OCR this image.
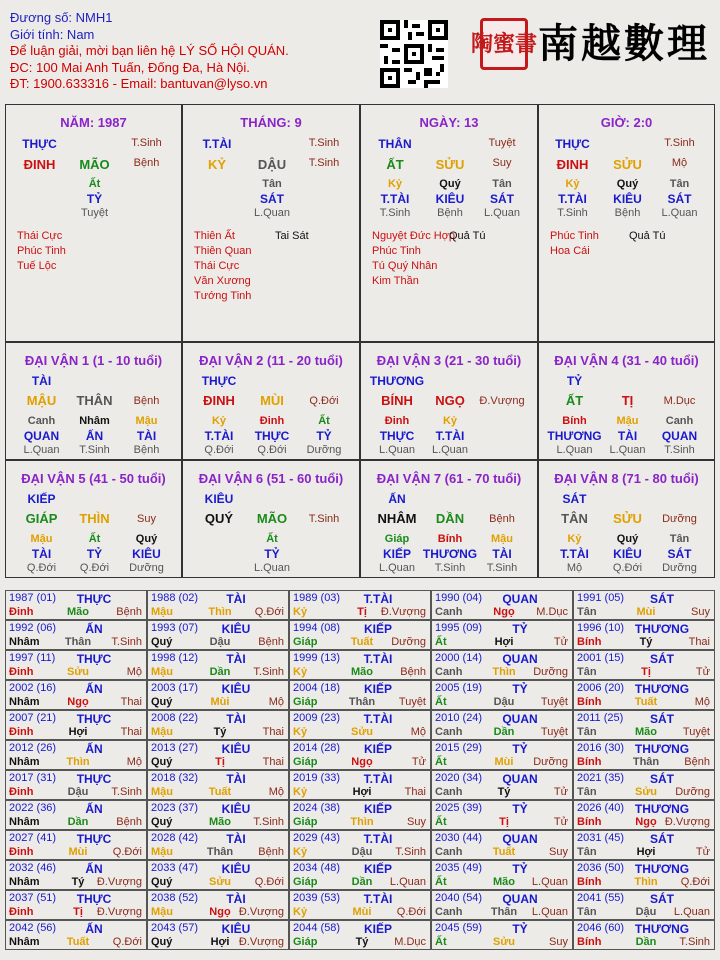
Đương số: NMH1
Giới tính: Nam
Để luận giải, mời bạn liên hệ LÝ SỐ HỘI QUÁN.
ĐC: 100 Mai Anh Tuấn, Đống Đa, Hà Nội.
ĐT: 1900.633316 - Email: bantuvan@lyso.vn
陶蜜書 南越數理
NĂM: 1987
THỰC	T.Sinh
ĐINH MÃO Bệnh
Ất
TỶ
Tuyệt
Thái Cực
Phúc Tinh
Tuế Lộc
THÁNG: 9
T.TÀI	T.Sinh
KỶ DẬU T.Sinh
Tân
SÁT
L.Quan
Thiên Ất
Thiên Quan
Thái Cực
Văn Xương
Tướng Tinh
Tai Sát
NGÀY: 13
THÂN	Tuyệt
ẤT SỬU	Suy
Kỷ
T.TÀI
T.Sinh
Quý
KIÊU
Bệnh
Tân
SÁT
L.Quan
Nguyệt Đức Hợp
Phúc Tinh
Tú Quý Nhân
Kim Thần
Quả Tú
GIỜ: 2:0
THỰC	T.Sinh
ĐINH SỬU	Mộ
Kỷ
T.TÀI
T.Sinh
Quý
KIÊU
Bệnh
Tân
SÁT
L.Quan
Phúc Tinh
Hoa Cái
Quả Tú
ĐẠI VẬN 1 (1 - 10 tuổi)
TÀI
MẬU THÂN Bệnh
Canh
QUAN
L.Quan
Nhâm
ẤN
T.Sinh
Mậu
TÀI
Bệnh
ĐẠI VẬN 2 (11 - 20 tuổi)
THỰC
ĐINH MÙI Q.Đới
Kỷ
T.TÀI
Q.Đới
Đinh
THỰC
Q.Đới
Ất
TỶ
Dưỡng
ĐẠI VẬN 3 (21 - 30 tuổi)
THƯƠNG
BÍNH NGỌ Đ.Vượng
Đinh
THỰC
L.Quan
Kỷ
T.TÀI
L.Quan
ĐẠI VẬN 4 (31 - 40 tuổi)
TỶ
ẤT	TỊ	M.Dục
Bính
THƯƠNG
L.Quan
Mậu
TÀI
L.Quan
Canh
QUAN
T.Sinh
ĐẠI VẬN 5 (41 - 50 tuổi)
KIẾP
GIÁP THÌN Suy
Mậu
TÀI
Q.Đới
Ất
TỶ
Q.Đới
Quý
KIÊU
Dưỡng
ĐẠI VẬN 6 (51 - 60 tuổi)
KIÊU
QUÝ MÃO T.Sinh
Ất
TỶ
L.Quan
ĐẠI VẬN 7 (61 - 70 tuổi)
ẤN
NHÂM DẦN Bệnh
Giáp
KIẾP
L.Quan
Bính
THƯƠNG
T.Sinh
Mậu
TÀI
T.Sinh
ĐẠI VẬN 8 (71 - 80 tuổi)
SÁT
TÂN SỬU Dưỡng
Kỷ
T.TÀI
Mộ
Quý
KIÊU
Q.Đới
Tân
SÁT
Dưỡng
1987 (01) THỰC
Đinh	Mão Bệnh
1988 (02) TÀI
Mậu	Thìn Q.Đới
1989 (03) T.TÀI
Kỷ	Tị Đ.Vượng
1990 (04) QUAN
Canh	Ngọ M.Dục
1991 (05) SÁT
Tân	Mùi	Suy
1992 (06) ẤN
Nhâm Thân T.Sinh
1993 (07) KIÊU
Quý	Dậu	Bệnh
1994 (08) KIẾP
Giáp	Tuất Dưỡng
1995 (09)	TỶ
Ất	Hợi	Tử
1996 (10) THƯƠNG
Bính	Tý	Thai
1997 (11) THỰC
Đinh	Sửu	Mộ
1998 (12) TÀI
Mậu	Dần T.Sinh
1999 (13) T.TÀI
Kỷ	Mão Bệnh
2000 (14) QUAN
Canh	Thìn Dưỡng
2001 (15) SÁT
Tân	Tị	Tử
2002 (16) ẤN
Nhâm	Ngọ	Thai
2003 (17) KIÊU
Quý	Mùi	Mộ
2004 (18) KIẾP
Giáp	Thân Tuyệt
2005 (19)	TỶ
Ất	Dậu Tuyệt
2006 (20) THƯƠNG
Bính	Tuất	Mộ
2007 (21) THỰC
Đinh	Hợi	Thai
2008 (22) TÀI
Mậu	Tý	Thai
2009 (23) T.TÀI
Kỷ	Sửu	Mộ
2010 (24) QUAN
Canh	Dần Tuyệt
2011 (25) SÁT
Tân	Mão Tuyệt
2012 (26) ẤN
Nhâm Thìn	Mộ
2013 (27) KIÊU
Quý	Tị	Thai
2014 (28) KIẾP
Giáp	Ngọ	Tử
2015 (29)	TỶ
Ất	Mùi Dưỡng
2016 (30) THƯƠNG
Bính	Thân Bệnh
2017 (31) THỰC
Đinh	Dậu T.Sinh
2018 (32) TÀI
Mậu	Tuất	Mộ
2019 (33) T.TÀI
Kỷ	Hợi	Thai
2020 (34) QUAN
Canh	Tý	Tử
2021 (35) SÁT
Tân	Sửu Dưỡng
2022 (36) ẤN
Nhâm	Dần	Bệnh
2023 (37) KIÊU
Quý	Mão T.Sinh
2024 (38) KIẾP
Giáp	Thìn	Suy
2025 (39)	TỶ
Ất	Tị	Tử
2026 (40) THƯƠNG
Bính	Ngọ Đ.Vượng
2027 (41) THỰC
Đinh	Mùi Q.Đới
2028 (42) TÀI
Mậu	Thân Bệnh
2029 (43) T.TÀI
Kỷ	Dậu T.Sinh
2030 (44) QUAN
Canh	Tuất	Suy
2031 (45) SÁT
Tân	Hợi	Tử
2032 (46) ẤN
Nhâm	Tý Đ.Vượng
2033 (47) KIÊU
Quý	Sửu Q.Đới
2034 (48) KIẾP
Giáp	Dần L.Quan
2035 (49)	TỶ
Ất	Mão L.Quan
2036 (50) THƯƠNG
Bính	Thìn Q.Đới
2037 (51) THỰC
Đinh	Tị Đ.Vượng
2038 (52) TÀI
Mậu	Ngọ Đ.Vượng
2039 (53) T.TÀI
Kỷ	Mùi Q.Đới
2040 (54) QUAN
Canh	Thân L.Quan
2041 (55) SÁT
Tân	Dậu L.Quan
2042 (56) ẤN
Nhâm Tuất Q.Đới
2043 (57) KIÊU
Quý	Hợi Đ.Vượng
2044 (58) KIẾP
Giáp	Tý M.Dục
2045 (59)	TỶ
Ất	Sửu	Suy
2046 (60) THƯƠNG
Bính	Dần T.Sinh
